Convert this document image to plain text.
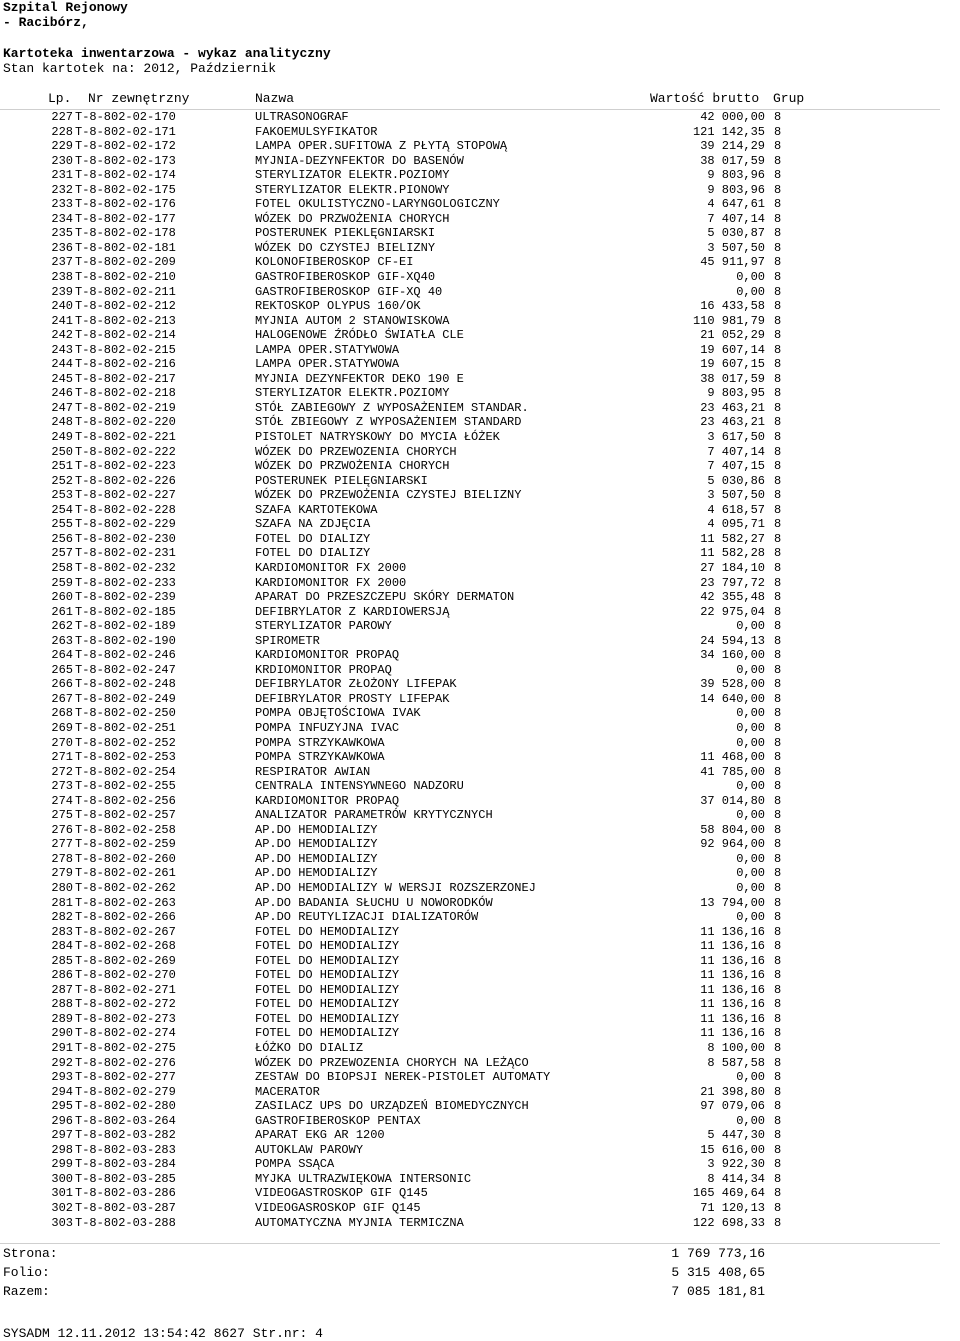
Szpital Rejonowy
- Racibórz,
Kartoteka inwentarzowa - wykaz analityczny
Stan kartotek na: 2012, Październik
Lp. Nr zewnętrzny	Nazwa	Wartość brutto Grup
227 T-8-802-02-170	ULTRASONOGRAF	42 000,00 8
228 T-8-802-02-171	FAKOEMULSYFIKATOR	121 142,35 8
229 T-8-802-02-172	LAMPA OPER.SUFITOWA Z PŁYTĄ STOPOWĄ	39 214,29 8
230 T-8-802-02-173	MYJNIA-DEZYNFEKTOR DO BASENÓW	38 017,59 8
231 T-8-802-02-174	STERYLIZATOR ELEKTR.POZIOMY	9 803,96 8
232 T-8-802-02-175	STERYLIZATOR ELEKTR.PIONOWY	9 803,96 8
233 T-8-802-02-176	FOTEL OKULISTYCZNO-LARYNGOLOGICZNY	4 647,61 8
234 T-8-802-02-177	WÓZEK DO PRZWOŻENIA CHORYCH	7 407,14 8
235 T-8-802-02-178	POSTERUNEK PIEKLĘGNIARSKI	5 030,87 8
236 T-8-802-02-181	WÓZEK DO CZYSTEJ BIELIZNY	3 507,50 8
237 T-8-802-02-209	KOLONOFIBEROSKOP CF-EI	45 911,97 8
238 T-8-802-02-210	GASTROFIBEROSKOP GIF-XQ40	0,00 8
239 T-8-802-02-211	GASTROFIBEROSKOP GIF-XQ 40	0,00 8
240 T-8-802-02-212	REKTOSKOP OLYPUS 160/OK	16 433,58 8
241 T-8-802-02-213	MYJNIA AUTOM 2 STANOWISKOWA	110 981,79 8
242 T-8-802-02-214	HALOGENOWE ŹRÓDŁO ŚWIATŁA CLE	21 052,29 8
243 T-8-802-02-215	LAMPA OPER.STATYWOWA	19 607,14 8
244 T-8-802-02-216	LAMPA OPER.STATYWOWA	19 607,15 8
245 T-8-802-02-217	MYJNIA DEZYNFEKTOR DEKO 190 E	38 017,59 8
246 T-8-802-02-218	STERYLIZATOR ELEKTR.POZIOMY	9 803,95 8
247 T-8-802-02-219	STÓŁ ZABIEGOWY Z WYPOSAŻENIEM STANDAR.	23 463,21 8
248 T-8-802-02-220	STÓŁ ZBIEGOWY Z WYPOSAŻENIEM STANDARD	23 463,21 8
249 T-8-802-02-221	PISTOLET NATRYSKOWY DO MYCIA ŁÓŻEK	3 617,50 8
250 T-8-802-02-222	WÓZEK DO PRZEWOZENIA CHORYCH	7 407,14 8
251 T-8-802-02-223	WÓZEK DO PRZWOŻENIA CHORYCH	7 407,15 8
252 T-8-802-02-226	POSTERUNEK PIELĘGNIARSKI	5 030,86 8
253 T-8-802-02-227	WÓZEK DO PRZEWOŻENIA CZYSTEJ BIELIZNY	3 507,50 8
254 T-8-802-02-228	SZAFA KARTOTEKOWA	4 618,57 8
255 T-8-802-02-229	SZAFA NA ZDJĘCIA	4 095,71 8
256 T-8-802-02-230	FOTEL DO DIALIZY	11 582,27 8
257 T-8-802-02-231	FOTEL DO DIALIZY	11 582,28 8
258 T-8-802-02-232	KARDIOMONITOR FX 2000	27 184,10 8
259 T-8-802-02-233	KARDIOMONITOR FX 2000	23 797,72 8
260 T-8-802-02-239	APARAT DO PRZESZCZEPU SKÓRY DERMATON	42 355,48 8
261 T-8-802-02-185	DEFIBRYLATOR Z KARDIOWERSJĄ	22 975,04 8
262 T-8-802-02-189	STERYLIZATOR PAROWY	0,00 8
263 T-8-802-02-190	SPIROMETR	24 594,13 8
264 T-8-802-02-246	KARDIOMONITOR PROPAQ	34 160,00 8
265 T-8-802-02-247	KRDIOMONITOR PROPAQ	0,00 8
266 T-8-802-02-248	DEFIBRYLATOR ZŁOŻONY LIFEPAK	39 528,00 8
267 T-8-802-02-249	DEFIBRYLATOR PROSTY LIFEPAK	14 640,00 8
268 T-8-802-02-250	POMPA OBJĘTOŚCIOWA IVAK	0,00 8
269 T-8-802-02-251	POMPA INFUZYJNA IVAC	0,00 8
270 T-8-802-02-252	POMPA STRZYKAWKOWA	0,00 8
271 T-8-802-02-253	POMPA STRZYKAWKOWA	11 468,00 8
272 T-8-802-02-254	RESPIRATOR AWIAN	41 785,00 8
273 T-8-802-02-255	CENTRALA INTENSYWNEGO NADZORU	0,00 8
274 T-8-802-02-256	KARDIOMONITOR PROPAQ	37 014,80 8
275 T-8-802-02-257	ANALIZATOR PARAMETRÓW KRYTYCZNYCH	0,00 8
276 T-8-802-02-258	AP.DO HEMODIALIZY	58 804,00 8
277 T-8-802-02-259	AP.DO HEMODIALIZY	92 964,00 8
278 T-8-802-02-260	AP.DO HEMODIALIZY	0,00 8
279 T-8-802-02-261	AP.DO HEMODIALIZY	0,00 8
280 T-8-802-02-262	AP.DO HEMODIALIZY W WERSJI ROZSZERZONEJ	0,00 8
281 T-8-802-02-263	AP.DO BADANIA SŁUCHU U NOWORODKÓW	13 794,00 8
282 T-8-802-02-266	AP.DO REUTYLIZACJI DIALIZATORÓW	0,00 8
283 T-8-802-02-267	FOTEL DO HEMODIALIZY	11 136,16 8
284 T-8-802-02-268	FOTEL DO HEMODIALIZY	11 136,16 8
285 T-8-802-02-269	FOTEL DO HEMODIALIZY	11 136,16 8
286 T-8-802-02-270	FOTEL DO HEMODIALIZY	11 136,16 8
287 T-8-802-02-271	FOTEL DO HEMODIALIZY	11 136,16 8
288 T-8-802-02-272	FOTEL DO HEMODIALIZY	11 136,16 8
289 T-8-802-02-273	FOTEL DO HEMODIALIZY	11 136,16 8
290 T-8-802-02-274	FOTEL DO HEMODIALIZY	11 136,16 8
291 T-8-802-02-275	ŁÓŻKO DO DIALIZ	8 100,00 8
292 T-8-802-02-276	WÓZEK DO PRZEWOZENIA CHORYCH NA LEŻĄCO	8 587,58 8
293 T-8-802-02-277	ZESTAW DO BIOPSJI NEREK-PISTOLET AUTOMATY	0,00 8
294 T-8-802-02-279	MACERATOR	21 398,80 8
295 T-8-802-02-280	ZASILACZ UPS DO URZĄDZEŃ BIOMEDYCZNYCH	97 079,06 8
296 T-8-802-03-264	GASTROFIBEROSKOP PENTAX	0,00 8
297 T-8-802-03-282	APARAT EKG AR 1200	5 447,30 8
298 T-8-802-03-283	AUTOKLAW PAROWY	15 616,00 8
299 T-8-802-03-284	POMPA SSĄCA	3 922,30 8
300 T-8-802-03-285	MYJKA ULTRAZWIĘKOWA INTERSONIC	8 414,34 8
301 T-8-802-03-286	VIDEOGASTROSKOP GIF Q145	165 469,64 8
302 T-8-802-03-287	VIDEOGASROSKOP GIF Q145	71 120,13 8
303 T-8-802-03-288	AUTOMATYCZNA MYJNIA TERMICZNA	122 698,33 8
Strona:	1 769 773,16
Folio:	5 315 408,65
Razem:	7 085 181,81
SYSADM 12.11.2012 13:54:42 8627 Str.nr: 4
